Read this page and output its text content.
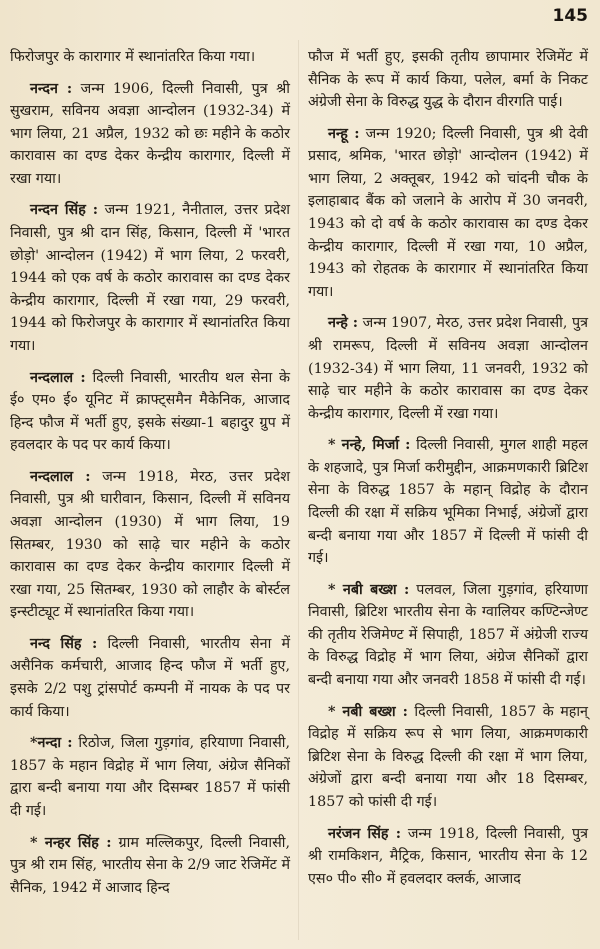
145

फिरोजपुर के कारागार में स्थानांतरित किया गया।

नन्दन : जन्म 1906, दिल्ली निवासी, पुत्र श्री सुखराम, सविनय अवज्ञा आन्दोलन (1932-34) में भाग लिया, 21 अप्रैल, 1932 को छः महीने के कठोर कारावास का दण्ड देकर केन्द्रीय कारागार, दिल्ली में रखा गया।

नन्दन सिंह : जन्म 1921, नैनीताल, उत्तर प्रदेश निवासी, पुत्र श्री दान सिंह, किसान, दिल्ली में 'भारत छोड़ो' आन्दोलन (1942) में भाग लिया, 2 फरवरी, 1944 को एक वर्ष के कठोर कारावास का दण्ड देकर केन्द्रीय कारागार, दिल्ली में रखा गया, 29 फरवरी, 1944 को फिरोजपुर के कारागार में स्थानांतरित किया गया।

नन्दलाल : दिल्ली निवासी, भारतीय थल सेना के ई० एम० ई० यूनिट में क्राफ्ट्समैन मैकेनिक, आजाद हिन्द फौज में भर्ती हुए, इसके संख्या-1 बहादुर ग्रुप में हवलदार के पद पर कार्य किया।

नन्दलाल : जन्म 1918, मेरठ, उत्तर प्रदेश निवासी, पुत्र श्री घारीवान, किसान, दिल्ली में सविनय अवज्ञा आन्दोलन (1930) में भाग लिया, 19 सितम्बर, 1930 को साढ़े चार महीने के कठोर कारावास का दण्ड देकर केन्द्रीय कारागार दिल्ली में रखा गया, 25 सितम्बर, 1930 को लाहौर के बोर्स्टल इन्स्टीट्यूट में स्थानांतरित किया गया।

नन्द सिंह : दिल्ली निवासी, भारतीय सेना में असैनिक कर्मचारी, आजाद हिन्द फौज में भर्ती हुए, इसके 2/2 पशु ट्रांसपोर्ट कम्पनी में नायक के पद पर कार्य किया।

*नन्दा : रिठोज, जिला गुड़गांव, हरियाणा निवासी, 1857 के महान विद्रोह में भाग लिया, अंग्रेज सैनिकों द्वारा बन्दी बनाया गया और दिसम्बर 1857 में फांसी दी गई।

* नन्हर सिंह : ग्राम मल्लिकपुर, दिल्ली निवासी, पुत्र श्री राम सिंह, भारतीय सेना के 2/9 जाट रेजिमेंट में सैनिक, 1942 में आजाद हिन्द

फौज में भर्ती हुए, इसकी तृतीय छापामार रेजिमेंट में सैनिक के रूप में कार्य किया, पलेल, बर्मा के निकट अंग्रेजी सेना के विरुद्ध युद्ध के दौरान वीरगति पाई।

नन्हू : जन्म 1920; दिल्ली निवासी, पुत्र श्री देवी प्रसाद, श्रमिक, 'भारत छोड़ो' आन्दोलन (1942) में भाग लिया, 2 अक्तूबर, 1942 को चांदनी चौक के इलाहाबाद बैंक को जलाने के आरोप में 30 जनवरी, 1943 को दो वर्ष के कठोर कारावास का दण्ड देकर केन्द्रीय कारागार, दिल्ली में रखा गया, 10 अप्रैल, 1943 को रोहतक के कारागार में स्थानांतरित किया गया।

नन्हे : जन्म 1907, मेरठ, उत्तर प्रदेश निवासी, पुत्र श्री रामरूप, दिल्ली में सविनय अवज्ञा आन्दोलन (1932-34) में भाग लिया, 11 जनवरी, 1932 को साढ़े चार महीने के कठोर कारावास का दण्ड देकर केन्द्रीय कारागार, दिल्ली में रखा गया।

* नन्हे, मिर्जा : दिल्ली निवासी, मुगल शाही महल के शहजादे, पुत्र मिर्जा करीमुद्दीन, आक्रमणकारी ब्रिटिश सेना के विरुद्ध 1857 के महान् विद्रोह के दौरान दिल्ली की रक्षा में सक्रिय भूमिका निभाई, अंग्रेजों द्वारा बन्दी बनाया गया और 1857 में दिल्ली में फांसी दी गई।

* नबी बख्श : पलवल, जिला गुड़गांव, हरियाणा निवासी, ब्रिटिश भारतीय सेना के ग्वालियर कण्टिन्जेण्ट की तृतीय रेजिमेण्ट में सिपाही, 1857 में अंग्रेजी राज्य के विरुद्ध विद्रोह में भाग लिया, अंग्रेज सैनिकों द्वारा बन्दी बनाया गया और जनवरी 1858 में फांसी दी गई।

* नबी बख्श : दिल्ली निवासी, 1857 के महान् विद्रोह में सक्रिय रूप से भाग लिया, आक्रमणकारी ब्रिटिश सेना के विरुद्ध दिल्ली की रक्षा में भाग लिया, अंग्रेजों द्वारा बन्दी बनाया गया और 18 दिसम्बर, 1857 को फांसी दी गई।

नरंजन सिंह : जन्म 1918, दिल्ली निवासी, पुत्र श्री रामकिशन, मैट्रिक, किसान, भारतीय सेना के 12 एस० पी० सी० में हवलदार क्लर्क, आजाद
